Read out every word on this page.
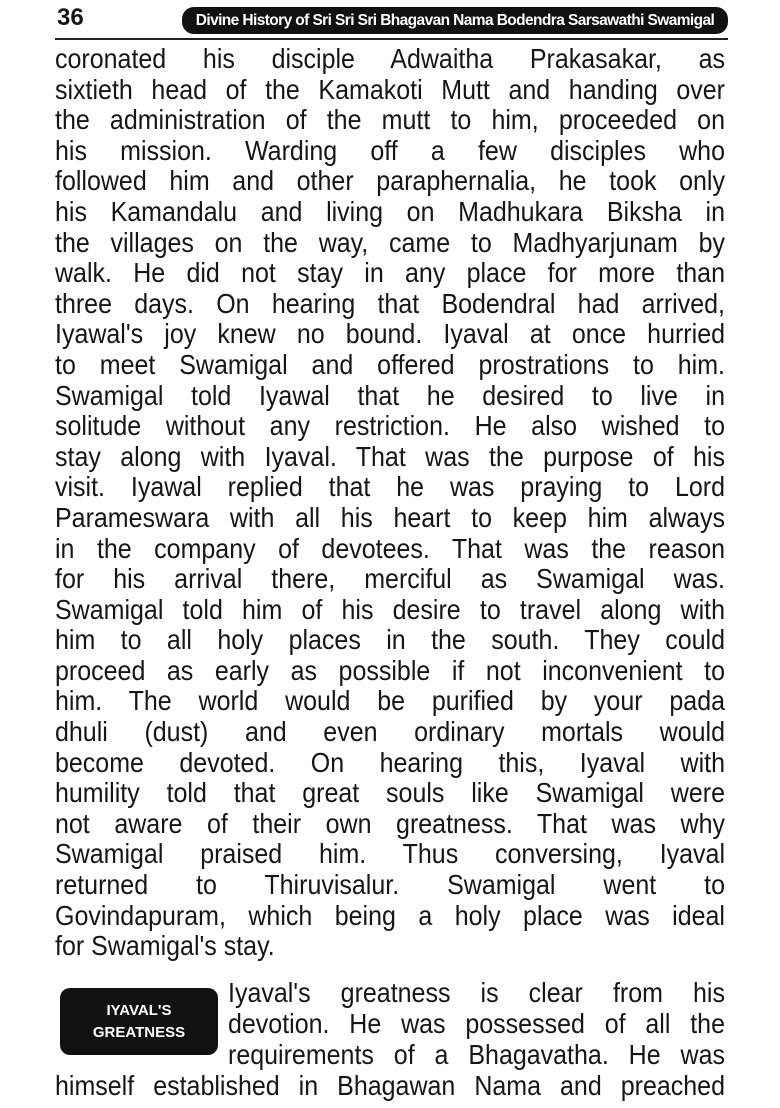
36	Divine History of Sri Sri Sri Bhagavan Nama Bodendra Sarsawathi Swamigal
coronated his disciple Adwaitha Prakasakar, as
sixtieth head of the Kamakoti Mutt and handing over
the administration of the mutt to him, proceeded on
his mission. Warding off a few disciples who
followed him and other paraphernalia, he took only
his Kamandalu and living on Madhukara Biksha in
the villages on the way, came to Madhyarjunam by
walk. He did not stay in any place for more than
three days. On hearing that Bodendral had arrived,
Iyawal's joy knew no bound. Iyaval at once hurried
to meet Swamigal and offered prostrations to him.
Swamigal told Iyawal that he desired to live in
solitude without any restriction. He also wished to
stay along with Iyaval. That was the purpose of his
visit. Iyawal replied that he was praying to Lord
Parameswara with all his heart to keep him always
in the company of devotees. That was the reason
for his arrival there, merciful as Swamigal was.
Swamigal told him of his desire to travel along with
him to all holy places in the south. They could
proceed as early as possible if not inconvenient to
him. The world would be purified by your pada
dhuli (dust) and even ordinary mortals would
become devoted. On hearing this, Iyaval with
humility told that great souls like Swamigal were
not aware of their own greatness. That was why
Swamigal praised him. Thus conversing, Iyaval
returned to Thiruvisalur. Swamigal went to
Govindapuram, which being a holy place was ideal
for Swamigal's stay.
IYAVAL'S
GREATNESS
Iyaval's greatness is clear from his
devotion. He was possessed of all the
requirements of a Bhagavatha. He was
himself established in Bhagawan Nama and preached
